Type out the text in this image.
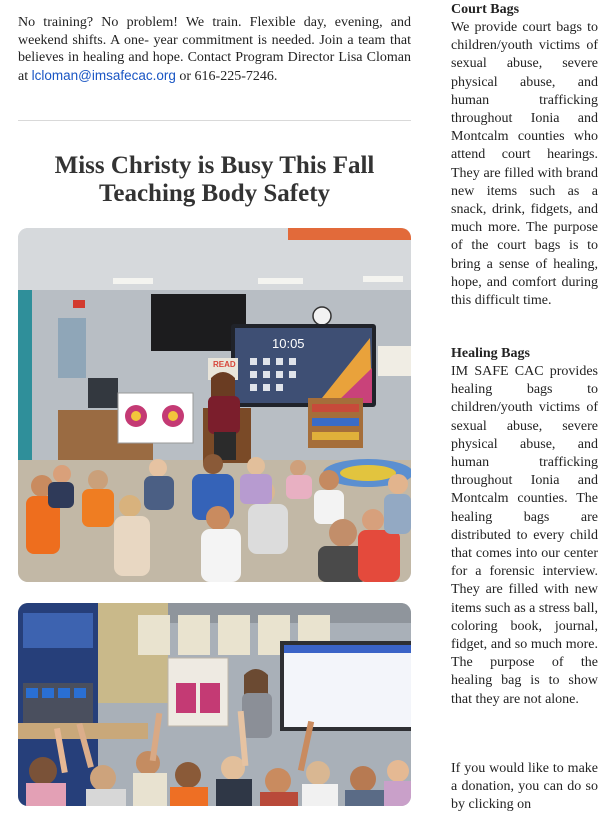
No training? No problem! We train. Flexible day, evening, and weekend shifts. A one- year commitment is needed. Join a team that believes in healing and hope. Contact Program Director Lisa Cloman at lcloman@imsafecac.org or 616-225-7246.

Miss Christy is Busy This Fall Teaching Body Safety
10:05
READ
Court Bags

We provide court bags to children/youth victims of sexual abuse, severe physical abuse, and human trafficking throughout Ionia and Montcalm counties who attend court hearings. They are filled with brand new items such as a snack, drink, fidgets, and much more. The purpose of the court bags is to bring a sense of healing, hope, and comfort during this difficult time.

Healing Bags

IM SAFE CAC provides healing bags to children/youth victims of sexual abuse, severe physical abuse, and human trafficking throughout Ionia and Montcalm counties. The healing bags are distributed to every child that comes into our center for a forensic interview. They are filled with new items such as a stress ball, coloring book, journal, fidget, and so much more. The purpose of the healing bag is to show that they are not alone.

If you would like to make a donation, you can do so by clicking on
